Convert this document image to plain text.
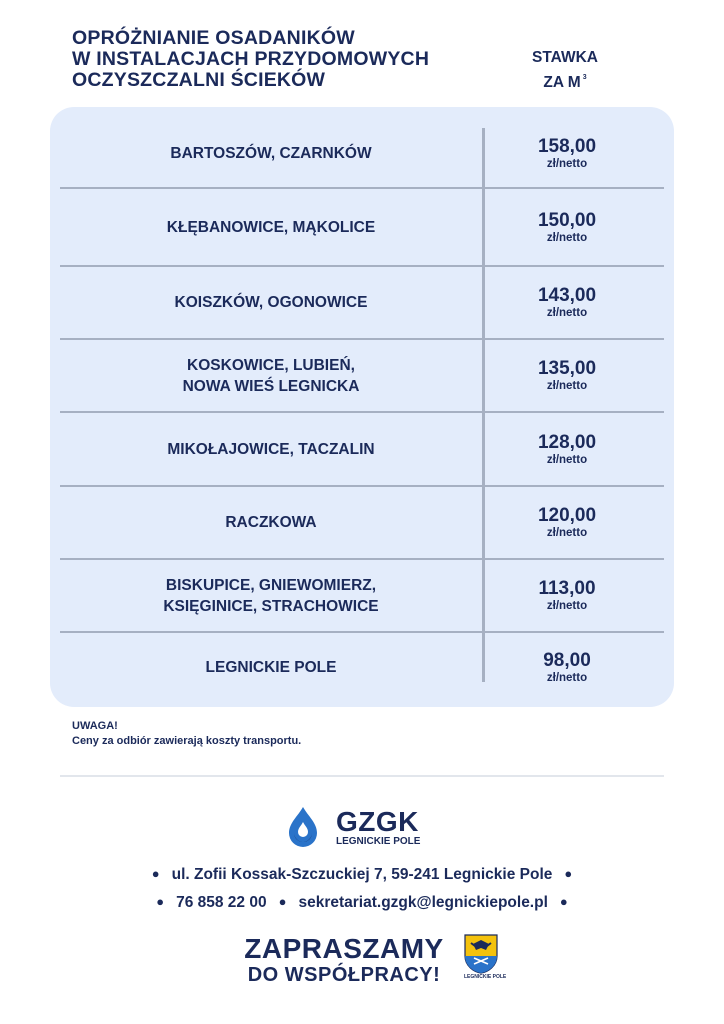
OPRÓŻNIANIE OSADANIKÓW
W INSTALACJACH PRZYDOMOWYCH
OCZYSZCZALNI ŚCIEKÓW
STAWKA
ZA M $^3$
BARTOSZÓW, CZARNKÓW	158,00
zł/netto
KŁĘBANOWICE, MĄKOLICE	150,00
zł/netto
KOISZKÓW, OGONOWICE	143,00
zł/netto
KOSKOWICE, LUBIEŃ,
NOWA WIEŚ LEGNICKA
135,00
zł/netto
MIKOŁAJOWICE, TACZALIN	128,00
zł/netto
RACZKOWA	120,00
zł/netto
BISKUPICE, GNIEWOMIERZ,
KSIĘGINICE, STRACHOWICE
113,00
zł/netto
LEGNICKIE POLE	98,00
zł/netto
UWAGA!
Ceny za odbiór zawierają koszty transportu.
GZGK
LEGNICKIE POLE
● ul. Zofii Kossak-Szczuckiej 7, 59-241 Legnickie Pole ●
● 76 858 22 00 ● sekretariat.gzgk@legnickiepole.pl ●
ZAPRASZAMY
DO WSPÓŁPRACY!	LEGNICKIE POLE
